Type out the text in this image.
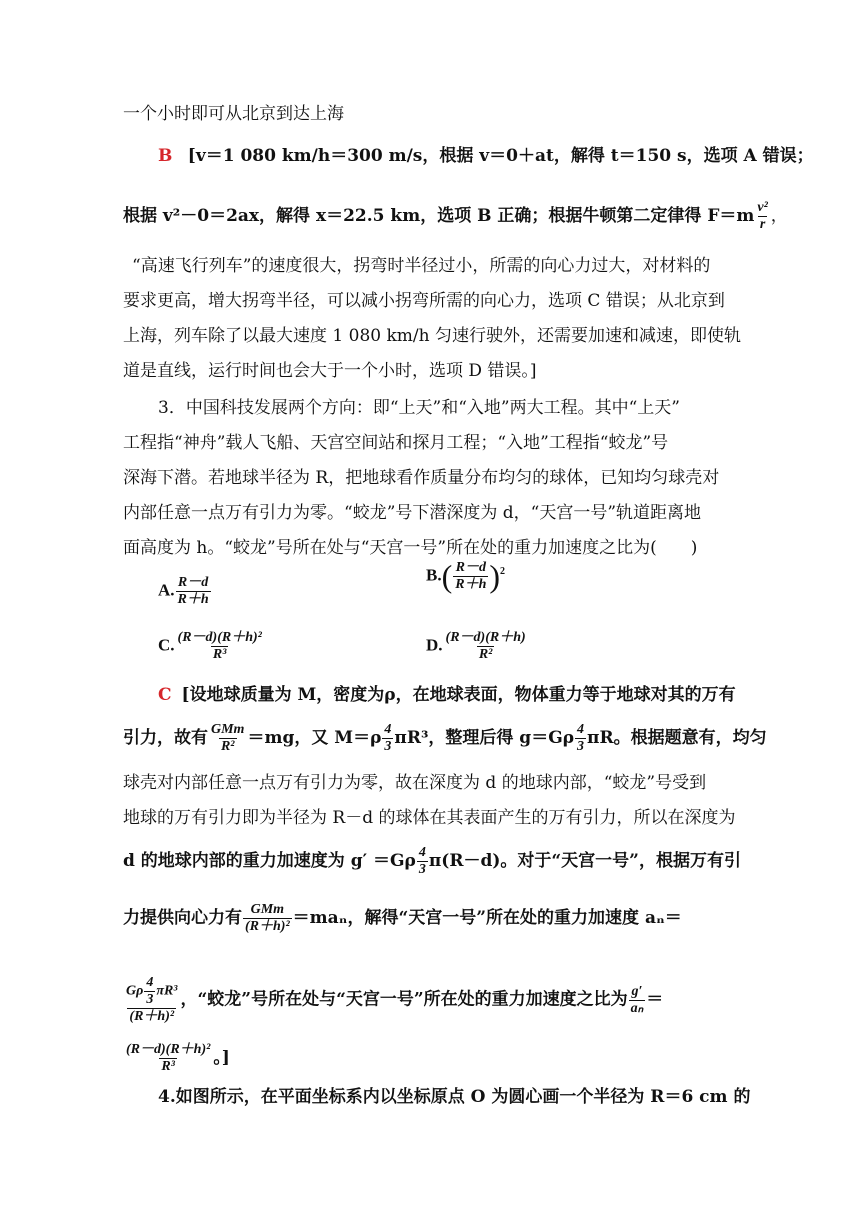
一个小时即可从北京到达上海
B [v＝1 080 km/h＝300 m/s，根据 v＝0＋at，解得 t＝150 s，选项 A 错误；
根据 v²－0＝2ax，解得 x＝22.5 km，选项 B 正确；根据牛顿第二定律得 $F=m \frac{\text{v²}}{r}$ ，
“高速飞行列车”的速度很大，拐弯时半径过小，所需的向心力过大，对材料的
要求更高，增大拐弯半径，可以减小拐弯所需的向心力，选项 C 错误；从北京到
上海，列车除了以最大速度 1 080 km/h 匀速行驶外，还需要加速和减速，即使轨
道是直线，运行时间也会大于一个小时，选项 D 错误。]
3．中国科技发展两个方向：即“上天”和“入地”两大工程。其中“上天”
工程指“神舟”载人飞船、天宫空间站和探月工程；“入地”工程指“蛟龙”号
深海下潜。若地球半径为 R，把地球看作质量分布均匀的球体，已知均匀球壳对
内部任意一点万有引力为零。“蛟龙”号下潜深度为 d，“天宫一号”轨道距离地
面高度为 h。“蛟龙”号所在处与“天宫一号”所在处的重力加速度之比为(　　)
A. $\frac{R-d}{R+h}$
$B.( \frac{R-d}{R+h} )^2$
C. $\frac{\text{(R－d)(R＋h)²}}{\text{R³}}$	D. $\frac{(R-d)(R+h)}{\text{R²}}$
C [设地球质量为 M，密度为ρ，在地球表面，物体重力等于地球对其的万有
引力，故有 $\frac{\text{GMm}}{\text{R²}} =mg$，又 $M=\rho \frac{4}{3} \pi R^3$，整理后得 $g=G\rho \frac{4}{3}$ πR。根据题意有，均匀
球壳对内部任意一点万有引力为零，故在深度为 d 的地球内部，“蛟龙”号受到
地球的万有引力即为半径为 R－d 的球体在其表面产生的万有引力，所以在深度为
d 的地球内部的重力加速度为 $g' =G\rho \frac{4}{3} \pi(R-d)$。对于“天宫一号”，根据万有引
力提供向心力有 $\frac{\text{GMm}}{\text{(R＋h)²}} =ma_n$，解得“天宫一号”所在处的重力加速度 aₙ＝
$\frac{G\rho \frac{4}{3} \pi R^3}{\text{(R＋h)²}}$ ，“蛟龙”号所在处与“天宫一号”所在处的重力加速度之比为 $\frac{g'}{\text{aₙ}}$ ＝
$\frac{\text{(R－d)(R＋h)²}}{\text{R³}}$ 。]
4.如图所示，在平面坐标系内以坐标原点 O 为圆心画一个半径为 R＝6 cm 的
